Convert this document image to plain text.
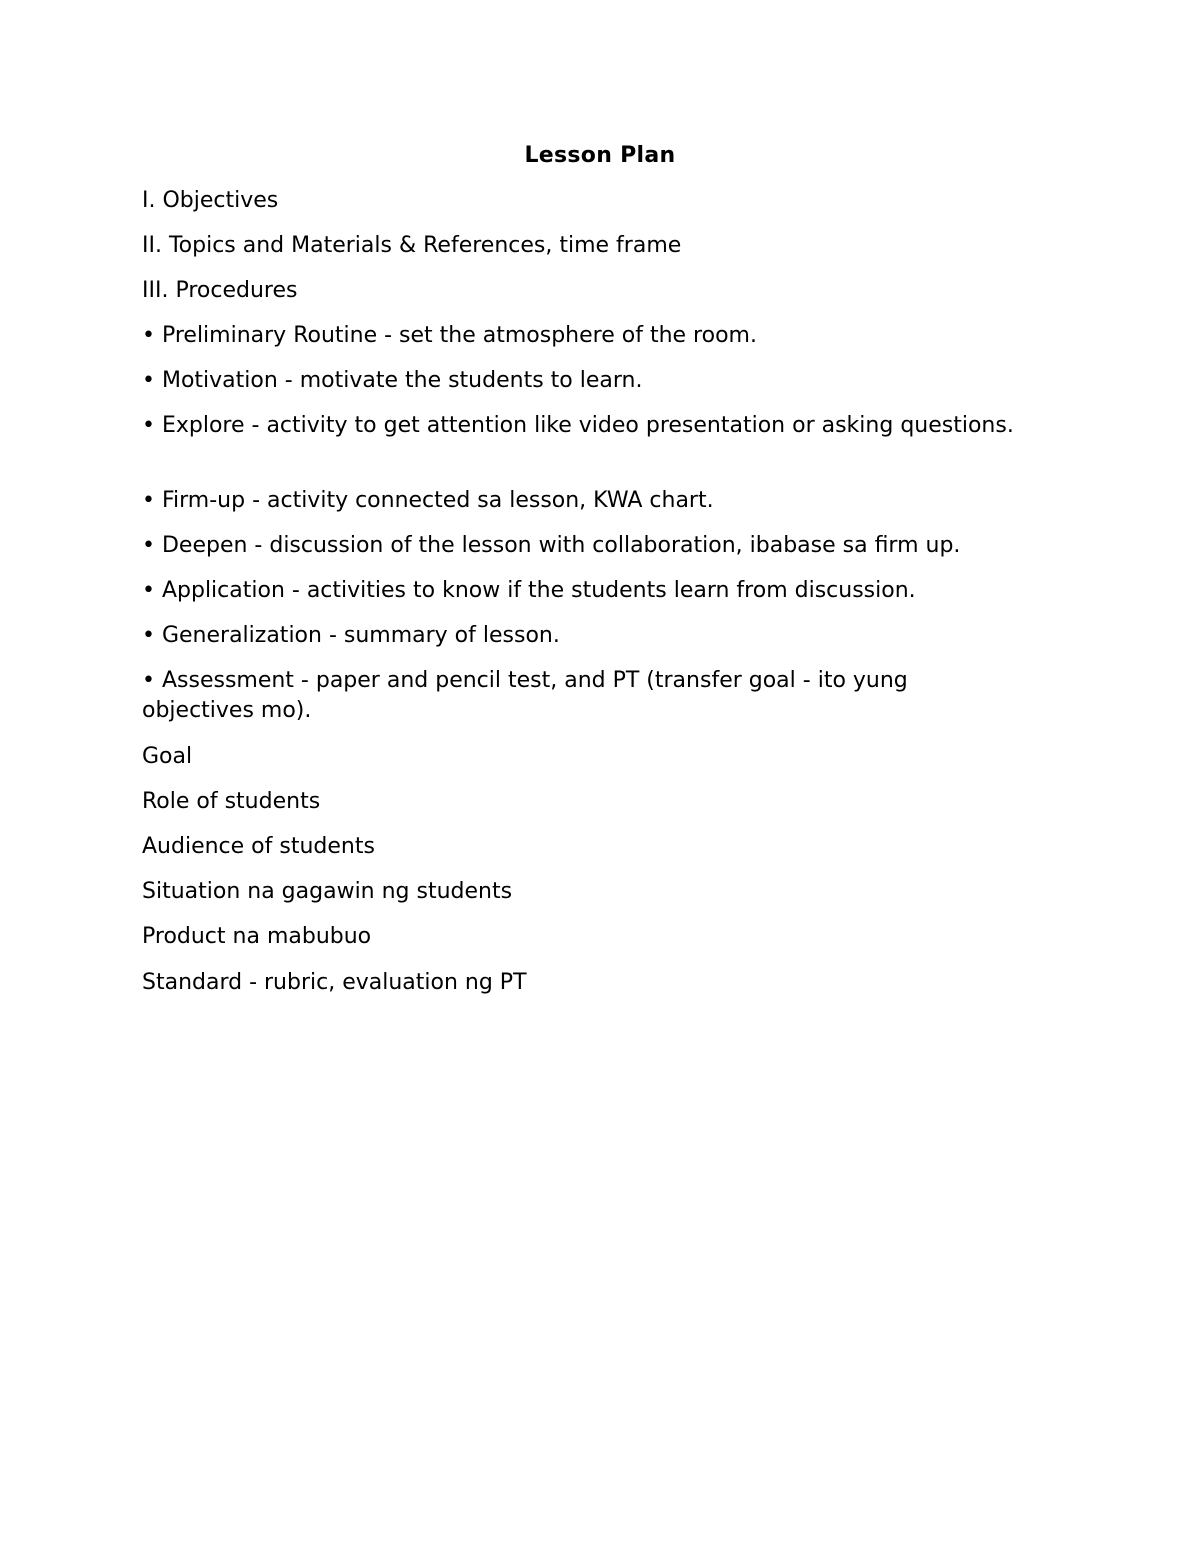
Lesson Plan
I. Objectives
II. Topics and Materials & References, time frame
III. Procedures
• Preliminary Routine - set the atmosphere of the room.
• Motivation - motivate the students to learn.
• Explore - activity to get attention like video presentation or asking questions.
• Firm-up - activity connected sa lesson, KWA chart.
• Deepen - discussion of the lesson with collaboration, ibabase sa firm up.
• Application - activities to know if the students learn from discussion.
• Generalization - summary of lesson.
• Assessment - paper and pencil test, and PT (transfer goal - ito yung objectives mo).
Goal
Role of students
Audience of students
Situation na gagawin ng students
Product na mabubuo
Standard - rubric, evaluation ng PT
